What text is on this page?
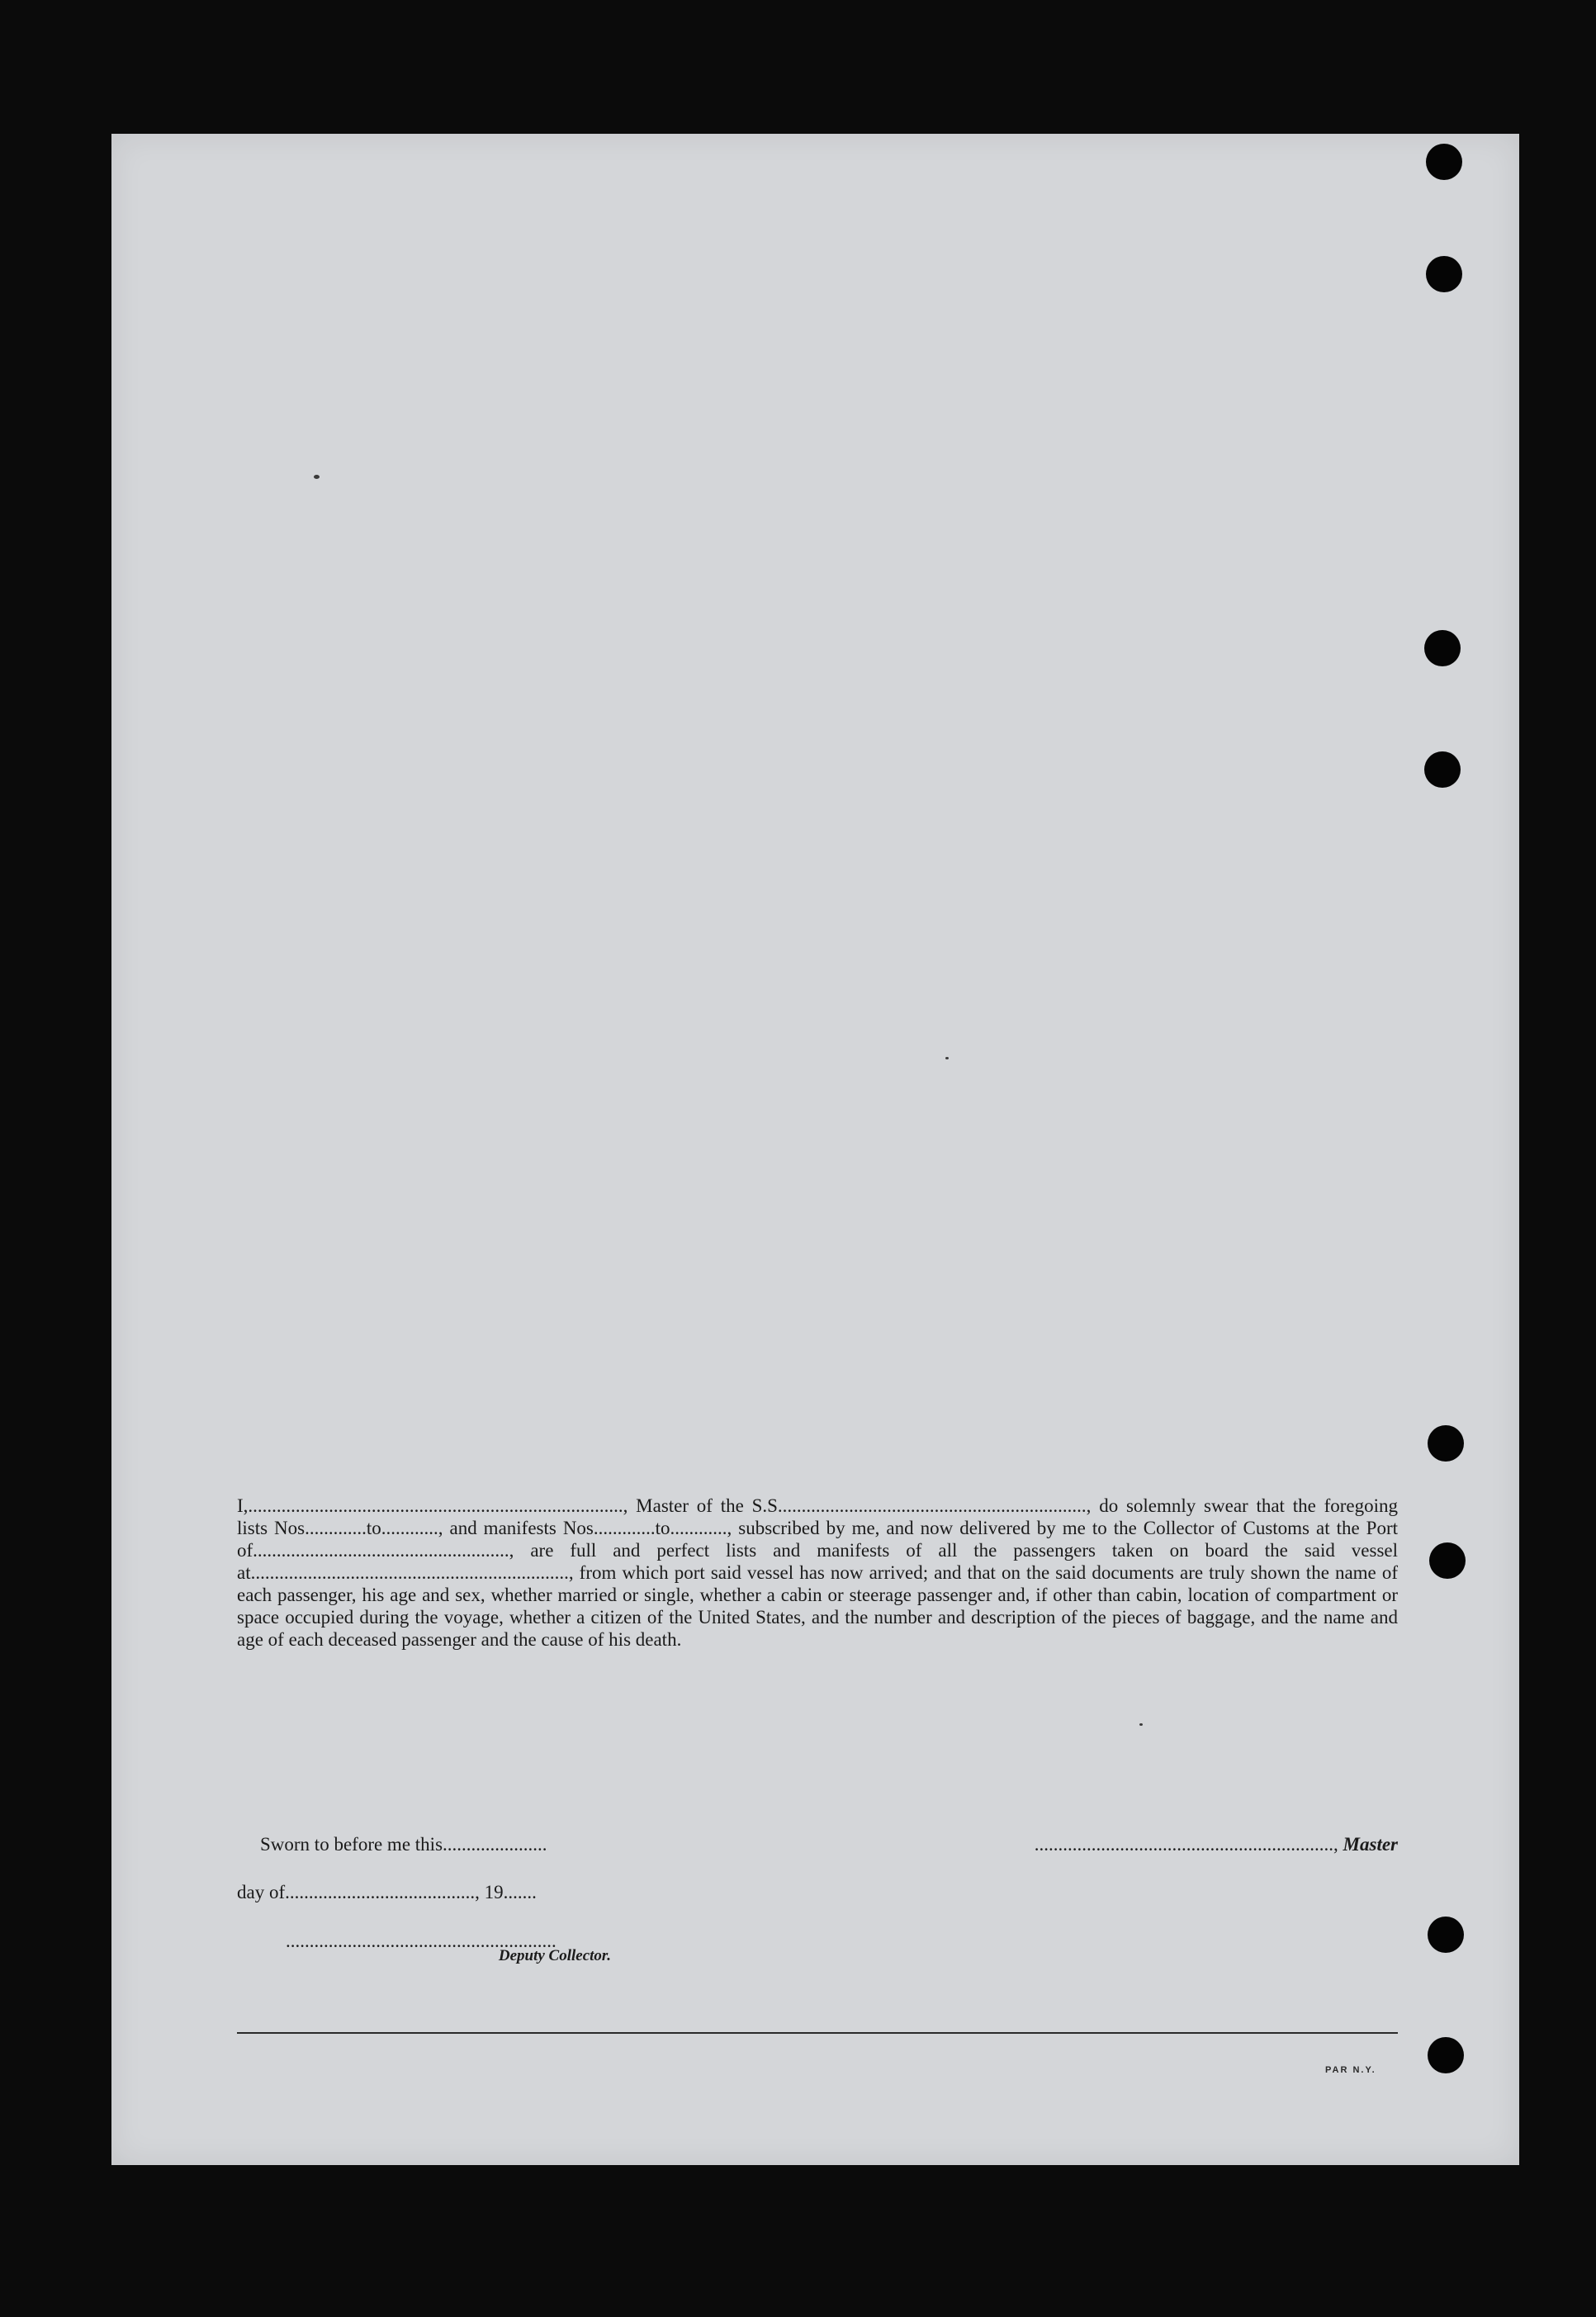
I,..............................................................................., Master of the S.S................................................................., do solemnly swear that the foregoing lists Nos.............to............, and manifests Nos.............to............, subscribed by me, and now delivered by me to the Collector of Customs at the Port of......................................................, are full and perfect lists and manifests of all the passengers taken on board the said vessel at..................................................................., from which port said vessel has now arrived; and that on the said documents are truly shown the name of each passenger, his age and sex, whether married or single, whether a cabin or steerage passenger and, if other than cabin, location of compartment or space occupied during the voyage, whether a citizen of the United States, and the number and description of the pieces of baggage, and the name and age of each deceased passenger and the cause of his death.

Sworn to before me this......................	..............................................................., Master

day of........................................, 19.......

.........................................................

Deputy Collector.

PAR N.Y.
